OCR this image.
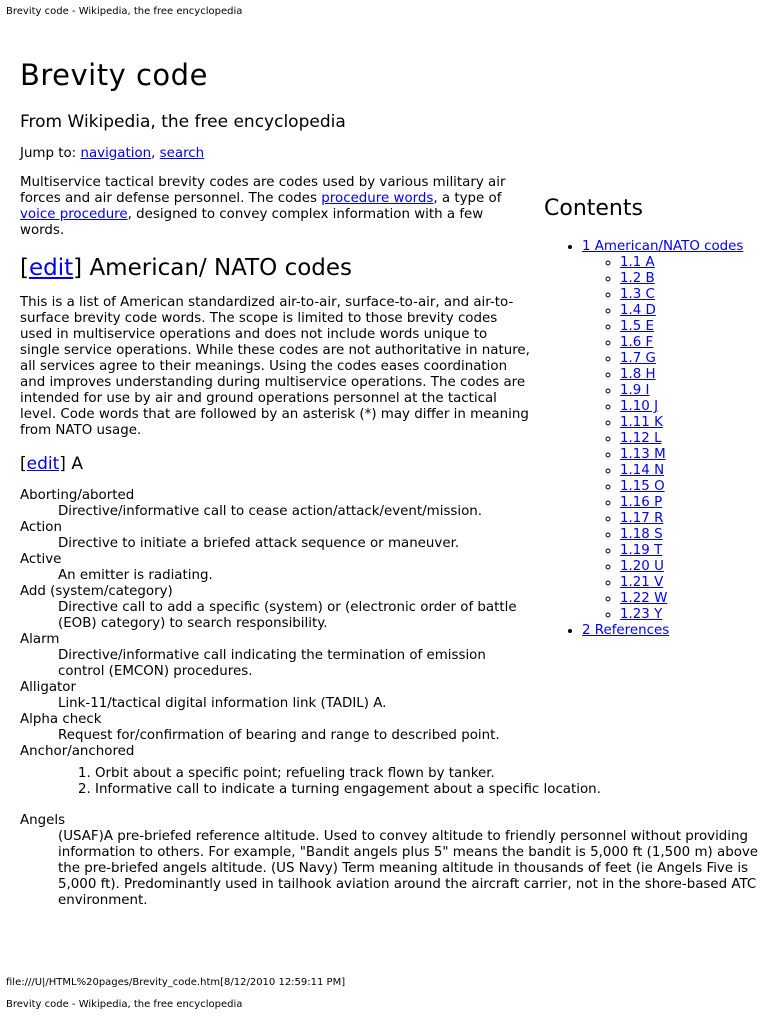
Brevity code - Wikipedia, the free encyclopedia
Brevity code
From Wikipedia, the free encyclopedia
Jump to: navigation, search

Multiservice tactical brevity codes are codes used by various military air forces and air defense personnel. The codes procedure words, a type of voice procedure, designed to convey complex information with a few words.

[edit] American/ NATO codes

This is a list of American standardized air-to-air, surface-to-air, and air-to-surface brevity code words. The scope is limited to those brevity codes used in multiservice operations and does not include words unique to single service operations. While these codes are not authoritative in nature, all services agree to their meanings. Using the codes eases coordination and improves understanding during multiservice operations. The codes are intended for use by air and ground operations personnel at the tactical level. Code words that are followed by an asterisk (*) may differ in meaning from NATO usage.

[edit] A
Aborting/aborted
Directive/informative call to cease action/attack/event/mission.
Action
Directive to initiate a briefed attack sequence or maneuver.
Active
An emitter is radiating.
Add (system/category)
Directive call to add a specific (system) or (electronic order of battle (EOB) category) to search responsibility.
Alarm
Directive/informative call indicating the termination of emission control (EMCON) procedures.
Alligator
Link-11/tactical digital information link (TADIL) A.
Alpha check
Request for/confirmation of bearing and range to described point.
Anchor/anchored
1. Orbit about a specific point; refueling track flown by tanker.
2. Informative call to indicate a turning engagement about a specific location.
Angels
(USAF)A pre-briefed reference altitude. Used to convey altitude to friendly personnel without providing information to others. For example, "Bandit angels plus 5" means the bandit is 5,000 ft (1,500 m) above the pre-briefed angels altitude. (US Navy) Term meaning altitude in thousands of feet (ie Angels Five is 5,000 ft). Predominantly used in tailhook aviation around the aircraft carrier, not in the shore-based ATC environment.
Contents
• 1 American/NATO codes
◦ 1.1 A
◦ 1.2 B
◦ 1.3 C
◦ 1.4 D
◦ 1.5 E
◦ 1.6 F
◦ 1.7 G
◦ 1.8 H
◦ 1.9 I
◦ 1.10 J
◦ 1.11 K
◦ 1.12 L
◦ 1.13 M
◦ 1.14 N
◦ 1.15 O
◦ 1.16 P
◦ 1.17 R
◦ 1.18 S
◦ 1.19 T
◦ 1.20 U
◦ 1.21 V
◦ 1.22 W
◦ 1.23 Y
• 2 References
file:///U|/HTML%20pages/Brevity_code.htm[8/12/2010 12:59:11 PM]
Brevity code - Wikipedia, the free encyclopedia
